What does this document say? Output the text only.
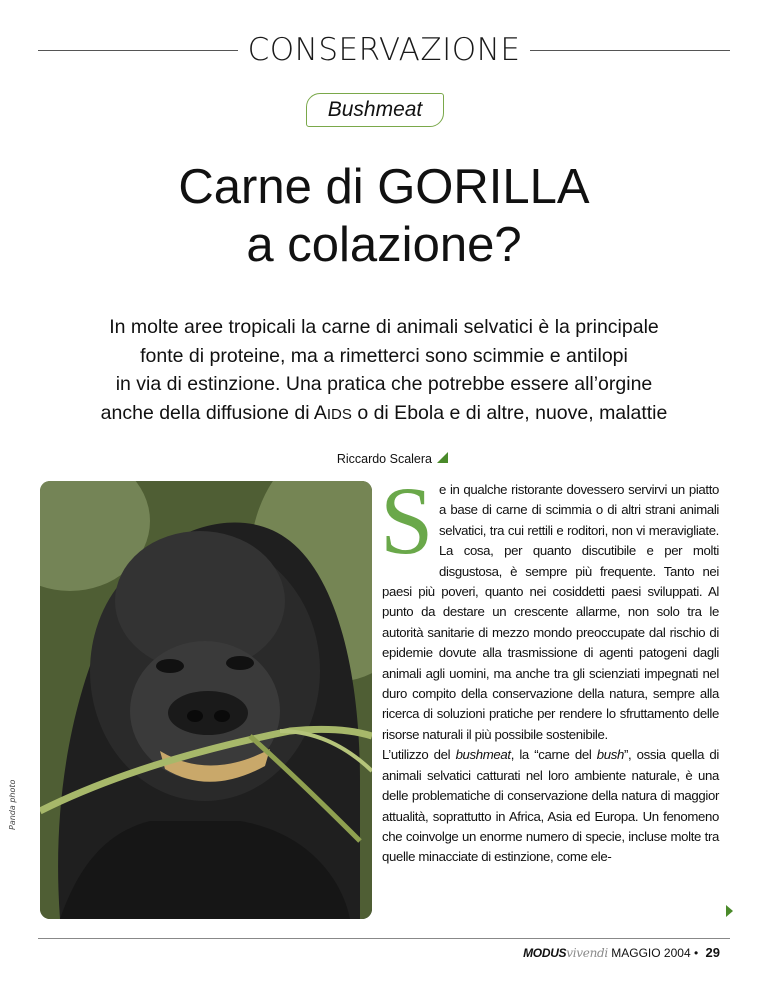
CONSERVAZIONE
Bushmeat
Carne di GORILLA
a colazione?

In molte aree tropicali la carne di animali selvatici è la principale
fonte di proteine, ma a rimetterci sono scimmie e antilopi
in via di estinzione. Una pratica che potrebbe essere all’orgine
anche della diffusione di AIDS o di Ebola e di altre, nuove, malattie

Riccardo Scalera
Panda photo

Se in qualche ristorante dovessero servirvi un piatto a base di carne di scimmia o di altri strani animali selvatici, tra cui rettili e roditori, non vi meravigliate. La cosa, per quanto discutibile e per molti disgustosa, è sempre più frequente. Tanto nei paesi più poveri, quanto nei cosiddetti paesi sviluppati. Al punto da destare un crescente allarme, non solo tra le autorità sanitarie di mezzo mondo preoccupate dal rischio di epidemie dovute alla trasmissione di agenti patogeni dagli animali agli uomini, ma anche tra gli scienziati impegnati nel duro compito della conservazione della natura, sempre alla ricerca di soluzioni pratiche per rendere lo sfruttamento delle risorse naturali il più possibile sostenibile.

L’utilizzo del bushmeat, la “carne del bush”, ossia quella di animali selvatici catturati nel loro ambiente naturale, è una delle problematiche di conservazione della natura di maggior attualità, soprattutto in Africa, Asia ed Europa. Un fenomeno che coinvolge un enorme numero di specie, incluse molte tra quelle minacciate di estinzione, come ele-

MODUSvivendi MAGGIO 2004 • 29
